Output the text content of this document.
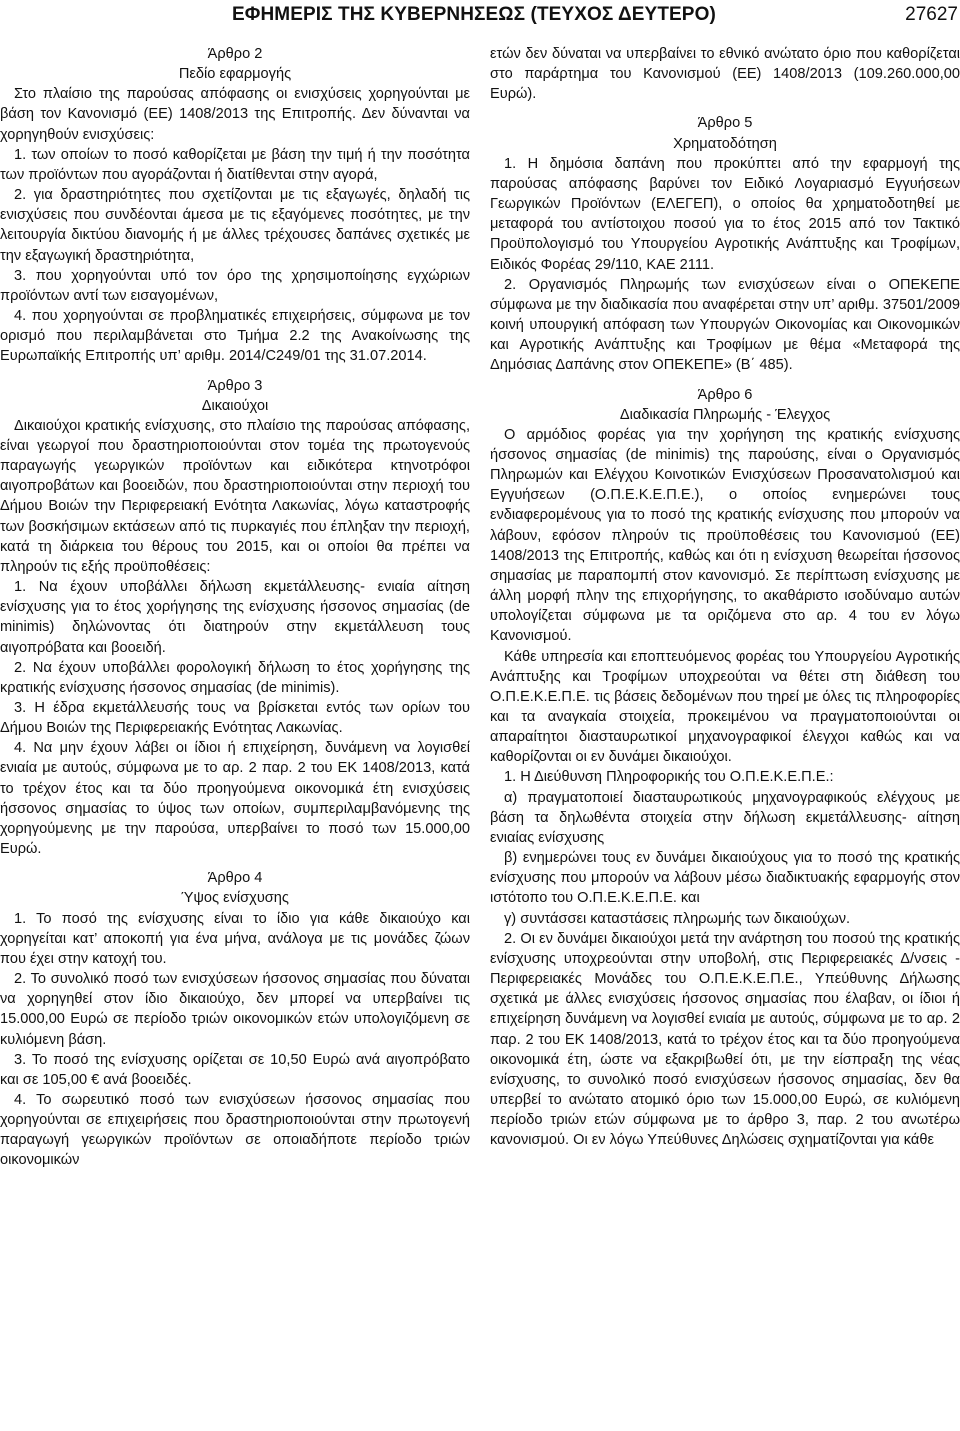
ΕΦΗΜΕΡΙΣ ΤΗΣ ΚΥΒΕΡΝΗΣΕΩΣ (ΤΕΥΧΟΣ ΔΕΥΤΕΡΟ)	27627

Άρθρο 2

Πεδίο εφαρμογής

Στο πλαίσιο της παρούσας απόφασης οι ενισχύσεις χορηγούνται με βάση τον Κανονισμό (ΕΕ) 1408/2013 της Επιτροπής. Δεν δύνανται να χορηγηθούν ενισχύσεις:

1. των οποίων το ποσό καθορίζεται με βάση την τιμή ή την ποσότητα των προϊόντων που αγοράζονται ή διατίθενται στην αγορά,

2. για δραστηριότητες που σχετίζονται με τις εξαγωγές, δηλαδή τις ενισχύσεις που συνδέονται άμεσα με τις εξαγόμενες ποσότητες, με την λειτουργία δικτύου διανομής ή με άλλες τρέχουσες δαπάνες σχετικές με την εξαγωγική δραστηριότητα,

3. που χορηγούνται υπό τον όρο της χρησιμοποίησης εγχώριων προϊόντων αντί των εισαγομένων,

4. που χορηγούνται σε προβληματικές επιχειρήσεις, σύμφωνα με τον ορισμό που περιλαμβάνεται στο Τμήμα 2.2 της Ανακοίνωσης της Ευρωπαϊκής Επιτροπής υπ’ αριθμ. 2014/C249/01 της 31.07.2014.

Άρθρο 3

Δικαιούχοι

Δικαιούχοι κρατικής ενίσχυσης, στο πλαίσιο της παρούσας απόφασης, είναι γεωργοί που δραστηριοποιούνται στον τομέα της πρωτογενούς παραγωγής γεωργικών προϊόντων και ειδικότερα κτηνοτρόφοι αιγοπροβάτων και βοοειδών, που δραστηριοποιούνται στην περιοχή του Δήμου Βοιών την Περιφερειακή Ενότητα Λακωνίας, λόγω καταστροφής των βοσκήσιμων εκτάσεων από τις πυρκαγιές που έπληξαν την περιοχή, κατά τη διάρκεια του θέρους του 2015, και οι οποίοι θα πρέπει να πληρούν τις εξής προϋποθέσεις:

1. Να έχουν υποβάλλει δήλωση εκμετάλλευσης- ενιαία αίτηση ενίσχυσης για το έτος χορήγησης της ενίσχυσης ήσσονος σημασίας (de minimis) δηλώνοντας ότι διατηρούν στην εκμετάλλευση τους αιγοπρόβατα και βοοειδή.

2. Να έχουν υποβάλλει φορολογική δήλωση το έτος χορήγησης της κρατικής ενίσχυσης ήσσονος σημασίας (de minimis).

3. Η έδρα εκμετάλλευσής τους να βρίσκεται εντός των ορίων του Δήμου Βοιών της Περιφερειακής Ενότητας Λακωνίας.

4. Να μην έχουν λάβει οι ίδιοι ή επιχείρηση, δυνάμενη να λογισθεί ενιαία με αυτούς, σύμφωνα με το αρ. 2 παρ. 2 του ΕΚ 1408/2013, κατά το τρέχον έτος και τα δύο προηγούμενα οικονομικά έτη ενισχύσεις ήσσονος σημασίας το ύψος των οποίων, συμπεριλαμβανόμενης της χορηγούμενης με την παρούσα, υπερβαίνει το ποσό των 15.000,00 Ευρώ.

Άρθρο 4

Ύψος ενίσχυσης

1. Το ποσό της ενίσχυσης είναι το ίδιο για κάθε δικαιούχο και χορηγείται κατ’ αποκοπή για ένα μήνα, ανάλογα με τις μονάδες ζώων που έχει στην κατοχή του.

2. Το συνολικό ποσό των ενισχύσεων ήσσονος σημασίας που δύναται να χορηγηθεί στον ίδιο δικαιούχο, δεν μπορεί να υπερβαίνει τις 15.000,00 Ευρώ σε περίοδο τριών οικονομικών ετών υπολογιζόμενη σε κυλιόμενη βάση.

3. Το ποσό της ενίσχυσης ορίζεται σε 10,50 Ευρώ ανά αιγοπρόβατο και σε 105,00 € ανά βοοειδές.

4. Το σωρευτικό ποσό των ενισχύσεων ήσσονος σημασίας που χορηγούνται σε επιχειρήσεις που δραστηριοποιούνται στην πρωτογενή παραγωγή γεωργικών προϊόντων σε οποιαδήποτε περίοδο τριών οικονομικών

ετών δεν δύναται να υπερβαίνει το εθνικό ανώτατο όριο που καθορίζεται στο παράρτημα του Κανονισμού (ΕΕ) 1408/2013 (109.260.000,00 Ευρώ).

Άρθρο 5

Χρηματοδότηση

1. Η δημόσια δαπάνη που προκύπτει από την εφαρμογή της παρούσας απόφασης βαρύνει τον Ειδικό Λογαριασμό Εγγυήσεων Γεωργικών Προϊόντων (ΕΛΕΓΕΠ), ο οποίος θα χρηματοδοτηθεί με μεταφορά του αντίστοιχου ποσού για το έτος 2015 από τον Τακτικό Προϋπολογισμό του Υπουργείου Αγροτικής Ανάπτυξης και Τροφίμων, Ειδικός Φορέας 29/110, ΚΑΕ 2111.

2. Οργανισμός Πληρωμής των ενισχύσεων είναι ο ΟΠΕΚΕΠΕ σύμφωνα με την διαδικασία που αναφέρεται στην υπ’ αριθμ. 37501/2009 κοινή υπουργική απόφαση των Υπουργών Οικονομίας και Οικονομικών και Αγροτικής Ανάπτυξης και Τροφίμων με θέμα «Μεταφορά της Δημόσιας Δαπάνης στον ΟΠΕΚΕΠΕ» (Β΄ 485).

Άρθρο 6

Διαδικασία Πληρωμής - Έλεγχος

Ο αρμόδιος φορέας για την χορήγηση της κρατικής ενίσχυσης ήσσονος σημασίας (de minimis) της παρούσης, είναι ο Οργανισμός Πληρωμών και Ελέγχου Κοινοτικών Ενισχύσεων Προσανατολισμού και Εγγυήσεων (Ο.Π.Ε.Κ.Ε.Π.Ε.), ο οποίος ενημερώνει τους ενδιαφερομένους για το ποσό της κρατικής ενίσχυσης που μπορούν να λάβουν, εφόσον πληρούν τις προϋποθέσεις του Κανονισμού (ΕΕ) 1408/2013 της Επιτροπής, καθώς και ότι η ενίσχυση θεωρείται ήσσονος σημασίας με παραπομπή στον κανονισμό. Σε περίπτωση ενίσχυσης με άλλη μορφή πλην της επιχορήγησης, το ακαθάριστο ισοδύναμο αυτών υπολογίζεται σύμφωνα με τα οριζόμενα στο αρ. 4 του εν λόγω Κανονισμού.

Κάθε υπηρεσία και εποπτευόμενος φορέας του Υπουργείου Αγροτικής Ανάπτυξης και Τροφίμων υποχρεούται να θέτει στη διάθεση του Ο.Π.Ε.Κ.Ε.Π.Ε. τις βάσεις δεδομένων που τηρεί με όλες τις πληροφορίες και τα αναγκαία στοιχεία, προκειμένου να πραγματοποιούνται οι απαραίτητοι διασταυρωτικοί μηχανογραφικοί έλεγχοι καθώς και να καθορίζονται οι εν δυνάμει δικαιούχοι.

1. Η Διεύθυνση Πληροφορικής του Ο.Π.Ε.Κ.Ε.Π.Ε.:

α) πραγματοποιεί διασταυρωτικούς μηχανογραφικούς ελέγχους με βάση τα δηλωθέντα στοιχεία στην δήλωση εκμετάλλευσης- αίτηση ενιαίας ενίσχυσης

β) ενημερώνει τους εν δυνάμει δικαιούχους για το ποσό της κρατικής ενίσχυσης που μπορούν να λάβουν μέσω διαδικτυακής εφαρμογής στον ιστότοπο του Ο.Π.Ε.Κ.Ε.Π.Ε. και

γ) συντάσσει καταστάσεις πληρωμής των δικαιούχων.

2. Οι εν δυνάμει δικαιούχοι μετά την ανάρτηση του ποσού της κρατικής ενίσχυσης υποχρεούνται στην υποβολή, στις Περιφερειακές Δ/νσεις - Περιφερειακές Μονάδες του Ο.Π.Ε.Κ.Ε.Π.Ε., Υπεύθυνης Δήλωσης σχετικά με άλλες ενισχύσεις ήσσονος σημασίας που έλαβαν, οι ίδιοι ή επιχείρηση δυνάμενη να λογισθεί ενιαία με αυτούς, σύμφωνα με το αρ. 2 παρ. 2 του ΕΚ 1408/2013, κατά το τρέχον έτος και τα δύο προηγούμενα οικονομικά έτη, ώστε να εξακριβωθεί ότι, με την είσπραξη της νέας ενίσχυσης, το συνολικό ποσό ενισχύσεων ήσσονος σημασίας, δεν θα υπερβεί το ανώτατο ατομικό όριο των 15.000,00 Ευρώ, σε κυλιόμενη περίοδο τριών ετών σύμφωνα με το άρθρο 3, παρ. 2 του ανωτέρω κανονισμού. Οι εν λόγω Υπεύθυνες Δηλώσεις σχηματίζονται για κάθε
